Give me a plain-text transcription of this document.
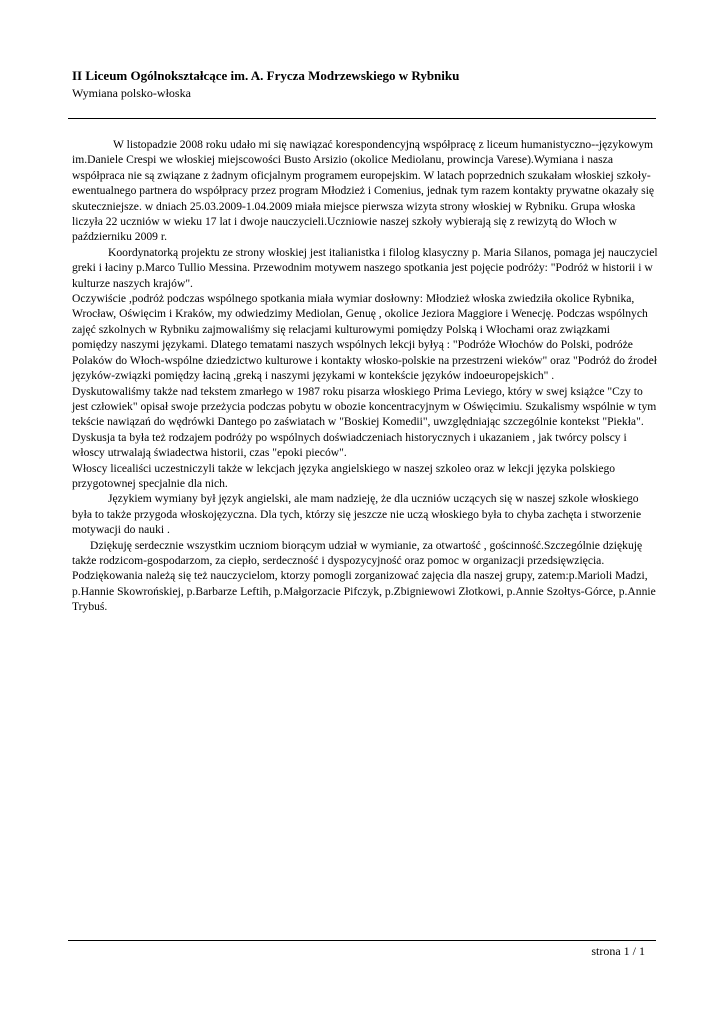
II Liceum Ogólnokształcące im. A. Frycza Modrzewskiego w Rybniku
Wymiana polsko-włoska

W listopadzie 2008 roku udało mi się nawiązać korespondencyjną współpracę z liceum humanistyczno--językowym im.Daniele Crespi we włoskiej miejscowości Busto Arsizio (okolice Mediolanu, prowincja Varese).Wymiana i nasza współpraca nie są związane z żadnym oficjalnym programem europejskim. W latach poprzednich szukałam włoskiej szkoły-ewentualnego partnera do współpracy przez program Młodzież i Comenius, jednak tym razem kontakty prywatne okazały się skuteczniejsze. w dniach 25.03.2009-1.04.2009 miała miejsce pierwsza wizyta strony włoskiej w Rybniku. Grupa włoska liczyła 22 uczniów w wieku 17 lat i dwoje nauczycieli.Uczniowie naszej szkoły wybierają się z rewizytą do Włoch w październiku 2009 r.

Koordynatorką projektu ze strony włoskiej jest italianistka i filolog klasyczny p. Maria Silanos, pomaga jej nauczyciel greki i łaciny p.Marco Tullio Messina. Przewodnim motywem naszego spotkania jest pojęcie podróży: "Podróż w historii i w kulturze naszych krajów".

Oczywiście ,podróż podczas wspólnego spotkania miała wymiar dosłowny: Młodzież włoska zwiedziła okolice Rybnika, Wrocław, Oświęcim i Kraków, my odwiedzimy Mediolan, Genuę , okolice Jeziora Maggiore i Wenecję. Podczas wspólnych zajęć szkolnych w Rybniku zajmowaliśmy się relacjami kulturowymi pomiędzy Polską i Włochami oraz związkami pomiędzy naszymi językami. Dlatego tematami naszych wspólnych lekcji byłyą : "Podróże Włochów do Polski, podróże Polaków do Włoch-wspólne dziedzictwo kulturowe i kontakty włosko-polskie na przestrzeni wieków" oraz "Podróż do źrodeł języków-związki pomiędzy łaciną ,greką i naszymi językami w kontekście języków indoeuropejskich" .

Dyskutowaliśmy także nad tekstem zmarłego w 1987 roku pisarza włoskiego Prima Leviego, który w swej książce "Czy to jest człowiek" opisał swoje przeżycia podczas pobytu w obozie koncentracyjnym w Oświęcimiu. Szukalismy wspólnie w tym tekście nawiązań do wędrówki Dantego po zaświatach w "Boskiej Komedii", uwzględniając szczególnie kontekst "Piekła". Dyskusja ta była też rodzajem podróży po wspólnych doświadczeniach historycznych i ukazaniem , jak twórcy polscy i włoscy utrwalają świadectwa historii, czas "epoki pieców".

Włoscy licealiści uczestniczyli także w lekcjach języka angielskiego w naszej szkoleo oraz w lekcji języka polskiego przygotownej specjalnie dla nich.

Językiem wymiany był język angielski, ale mam nadzieję, że dla uczniów uczących się w naszej szkole włoskiego była to także przygoda włoskojęzyczna. Dla tych, którzy się jeszcze nie uczą włoskiego była to chyba zachęta i stworzenie motywacji do nauki .

Dziękuję serdecznie wszystkim uczniom biorącym udział w wymianie, za otwartość , gościnność.Szczególnie dziękuję także rodzicom-gospodarzom, za ciepło, serdeczność i dyspozycyjność oraz pomoc w organizacji przedsięwzięcia.

Podziękowania należą się też nauczycielom, ktorzy pomogli zorganizować zajęcia dla naszej grupy, zatem:p.Marioli Madzi, p.Hannie Skowrońskiej, p.Barbarze Leftih, p.Małgorzacie Pifczyk, p.Zbigniewowi Złotkowi, p.Annie Szołtys-Górce, p.Annie Trybuś.

strona 1 / 1
